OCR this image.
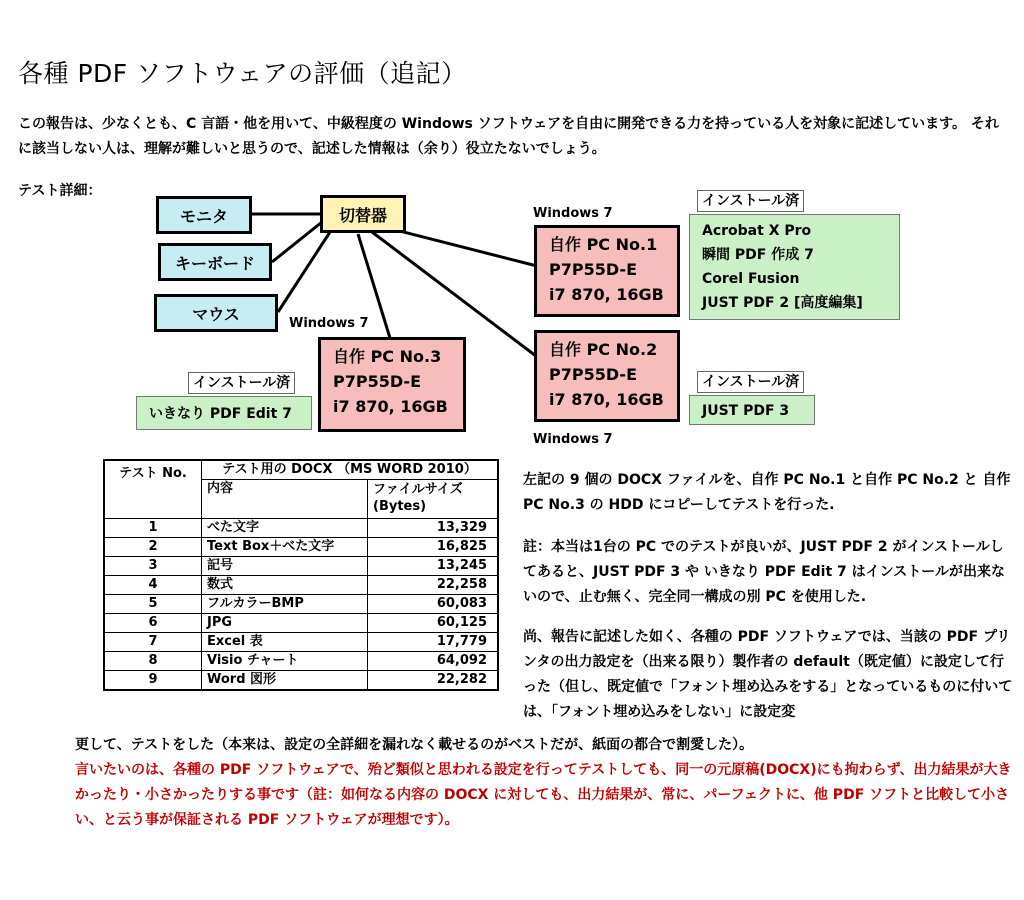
各種 PDF ソフトウェアの評価（追記）
この報告は、少なくとも、C 言語・他を用いて、中級程度の Windows ソフトウェアを自由に開発できる力を持っている人を対象に記述しています。 それに該当しない人は、理解が難しいと思うので、記述した情報は（余り）役立たないでしょう。
テスト詳細：
モニタ
キーボード
マウス
切替器	Windows 7
自作 PC No.1
P7P55D-E
i7 870, 16GB
自作 PC No.2
P7P55D-E
i7 870, 16GB
Windows 7
Windows 7
自作 PC No.3
P7P55D-E
i7 870, 16GB
Acrobat X Pro
瞬間 PDF 作成 7
Corel Fusion
JUST PDF 2 [高度編集]
インストール済
JUST PDF 3
インストール済
いきなり PDF Edit 7
インストール済
テスト No.	テスト用の DOCX （MS WORD 2010）	
	内容	ファイルサイズ (Bytes)
1	べた文字	13,329
2	Text Box＋べた文字	16,825
3	記号	13,245
4	数式	22,258
5	フルカラーBMP	60,083
6	JPG	60,125
7	Excel 表	17,779
8	Visio チャート	64,092
9	Word 図形	22,282
左記の 9 個の DOCX ファイルを、自作 PC No.1 と自作 PC No.2 と 自作 PC No.3 の HDD にコピーしてテストを行った.
註：本当は1台の PC でのテストが良いが、JUST PDF 2 がインストールしてあると、JUST PDF 3 や いきなり PDF Edit 7 はインストールが出来ないので、止む無く、完全同一構成の別 PC を使用した.
尚、報告に記述した如く、各種の PDF ソフトウェアでは、当該の PDF プリンタの出力設定を（出来る限り）製作者の default（既定値）に設定して行った（但し、既定値で「フォント埋め込みをする」となっているものに付いては、「フォント埋め込みをしない」に設定変
更して、テストをした（本来は、設定の全詳細を漏れなく載せるのがベストだが、紙面の都合で割愛した）。
言いたいのは、各種の PDF ソフトウェアで、殆ど類似と思われる設定を行ってテストしても、同一の元原稿(DOCX)にも拘わらず、出力結果が大きかったり・小さかったりする事です（註：如何なる内容の DOCX に対しても、出力結果が、常に、パーフェクトに、他 PDF ソフトと比較して小さい、と云う事が保証される PDF ソフトウェアが理想です）。
